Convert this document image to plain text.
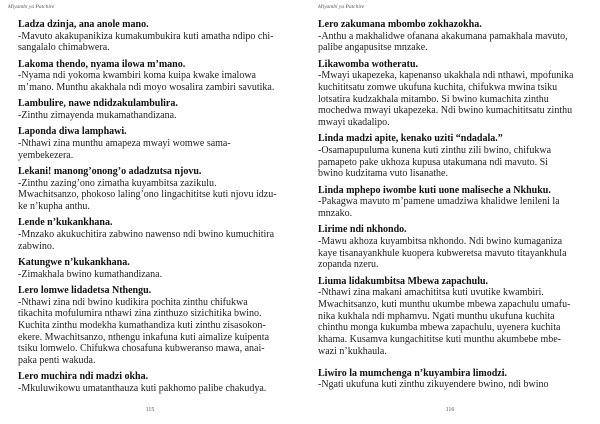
Miyambi ya Patchire
Ladza dzinja, ana anole mano.
-Mavuto akakupanikiza kumakumbukira kuti amatha ndipo chi-
sangalalo chimabwera.
Lakoma thendo, nyama ilowa m’mano.
-Nyama ndi yokoma kwambiri koma kuipa kwake imalowa
m’mano. Munthu akakhala ndi moyo wosalira zambiri savutika.
Lambulire, nawe ndidzakulambulira.
-Zinthu zimayenda mukamathandizana.
Laponda diwa lamphawi.
-Nthawi zina munthu amapeza mwayi womwe sama-
yembekezera.
Lekani! manong’onong’o adadzutsa njovu.
-Zinthu zazing’ono zimatha kuyambitsa zazikulu.
Mwachitsanzo, phokoso laling’ono lingachititse kuti njovu idzu-
ke n’kupha anthu.
Lende n’kukankhana.
-Mnzako akukuchitira zabwino nawenso ndi bwino kumuchitira
zabwino.
Katungwe n’kukankhana.
-Zimakhala bwino kumathandizana.
Lero lomwe lidadetsa Nthengu.
-Nthawi zina ndi bwino kudikira pochita zinthu chifukwa
tikachita mofulumira nthawi zina zinthuzo sizichitika bwino.
Kuchita zinthu modekha kumathandiza kuti zinthu zisasokon-
ekere. Mwachitsanzo, nthengu inkafuna kuti aimalize kuipenta
tsiku lomwelo. Chifukwa chosafuna kubweranso mawa, anai-
paka penti wakuda.
Lero muchira ndi madzi okha.
-Mkuluwikowu umatanthauza kuti pakhomo palibe chakudya.
115
Miyambi ya Patchire
Lero zakumana mbombo zokhazokha.
-Anthu a makhalidwe ofanana akakumana pamakhala mavuto,
palibe angapusitse mnzake.
Likawomba wotheratu.
-Mwayi ukapezeka, kapenanso ukakhala ndi nthawi, mpofunika
kuchititsatu zomwe ukufuna kuchita, chifukwa mwina tsiku
lotsatira kudzakhala mitambo. Si bwino kumachita zinthu
mochedwa mwayi ukapezeka. Ndi bwino kumachititsatu zinthu
mwayi ukadalipo.
Linda madzi apite, kenako uziti “ndadala.”
-Osamapupuluma kunena kuti zinthu zili bwino, chifukwa
pamapeto pake ukhoza kupusa utakumana ndi mavuto. Si
bwino kudzitama vuto lisanathe.
Linda mphepo iwombe kuti uone maliseche a Nkhuku.
-Pakagwa mavuto m’pamene umadziwa khalidwe lenileni la
mnzako.
Lirime ndi nkhondo.
-Mawu akhoza kuyambitsa nkhondo. Ndi bwino kumaganiza
kaye tisanayankhule kuopera kubweretsa mavuto titayankhula
zopanda nzeru.
Liuma lidakumbitsa Mbewa zapachulu.
-Nthawi zina makani amachititsa kuti uvutike kwambiri.
Mwachitsanzo, kuti munthu ukumbe mbewa zapachulu umafu-
nika kukhala ndi mphamvu. Ngati munthu ukufuna kuchita
chinthu monga kukumba mbewa zapachulu, uyenera kuchita
khama. Kusamva kungachititse kuti munthu akumbebe mbe-
wazi n’kukhaula.
Liwiro la mumchenga n’kuyambira limodzi.
-Ngati ukufuna kuti zinthu zikuyendere bwino, ndi bwino
116
